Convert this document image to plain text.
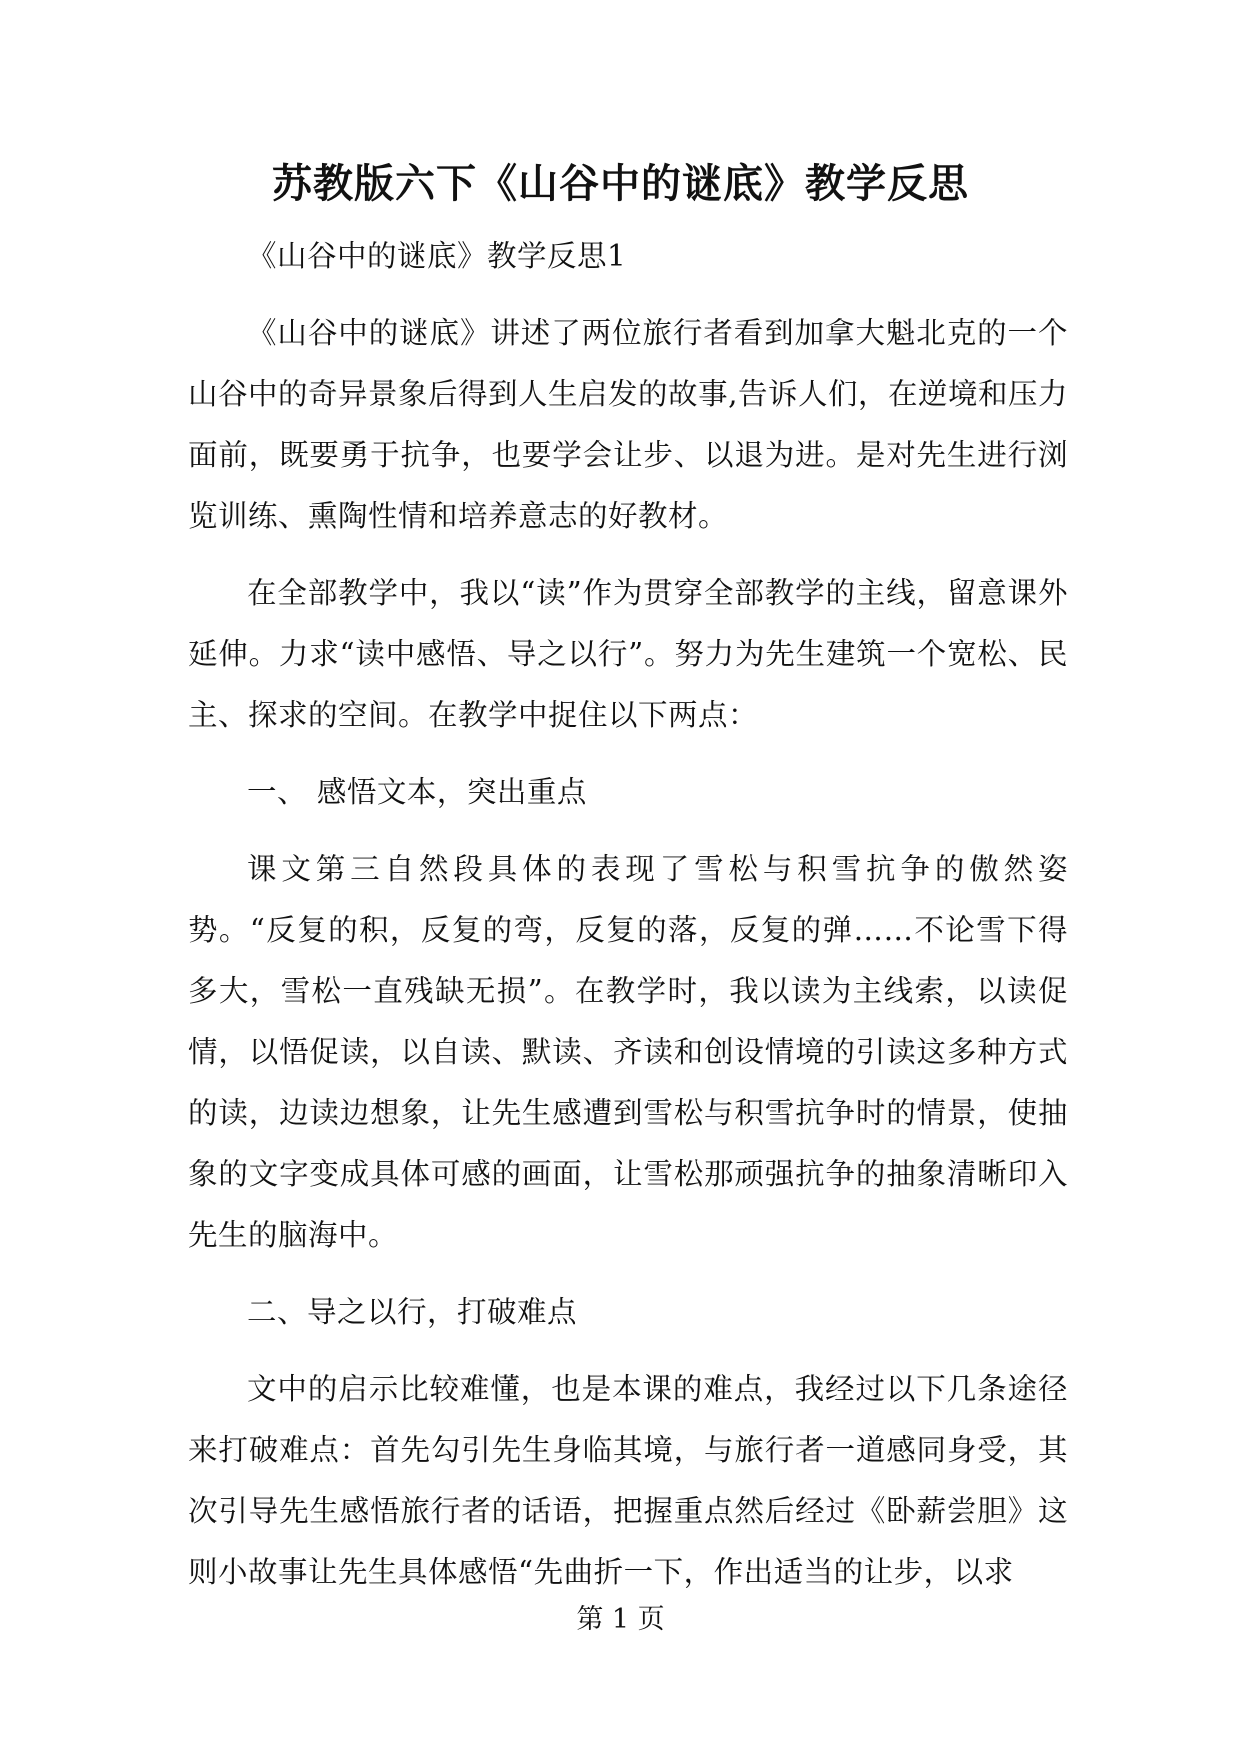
苏教版六下《山谷中的谜底》教学反思

《山谷中的谜底》教学反思1

《山谷中的谜底》讲述了两位旅行者看到加拿大魁北克的一个山谷中的奇异景象后得到人生启发的故事,告诉人们，在逆境和压力面前，既要勇于抗争，也要学会让步、以退为进。是对先生进行浏览训练、熏陶性情和培养意志的好教材。

在全部教学中，我以“读”作为贯穿全部教学的主线，留意课外延伸。力求“读中感悟、导之以行”。努力为先生建筑一个宽松、民主、探求的空间。在教学中捉住以下两点：

一、 感悟文本，突出重点

课文第三自然段具体的表现了雪松与积雪抗争的傲然姿势。“反复的积，反复的弯，反复的落，反复的弹……不论雪下得多大，雪松一直残缺无损”。在教学时，我以读为主线索，以读促情，以悟促读，以自读、默读、齐读和创设情境的引读这多种方式的读，边读边想象，让先生感遭到雪松与积雪抗争时的情景，使抽象的文字变成具体可感的画面，让雪松那顽强抗争的抽象清晰印入先生的脑海中。

二、导之以行，打破难点

文中的启示比较难懂，也是本课的难点，我经过以下几条途径来打破难点：首先勾引先生身临其境，与旅行者一道感同身受，其次引导先生感悟旅行者的话语，把握重点然后经过《卧薪尝胆》这则小故事让先生具体感悟“先曲折一下，作出适当的让步，以求

第 1 页
